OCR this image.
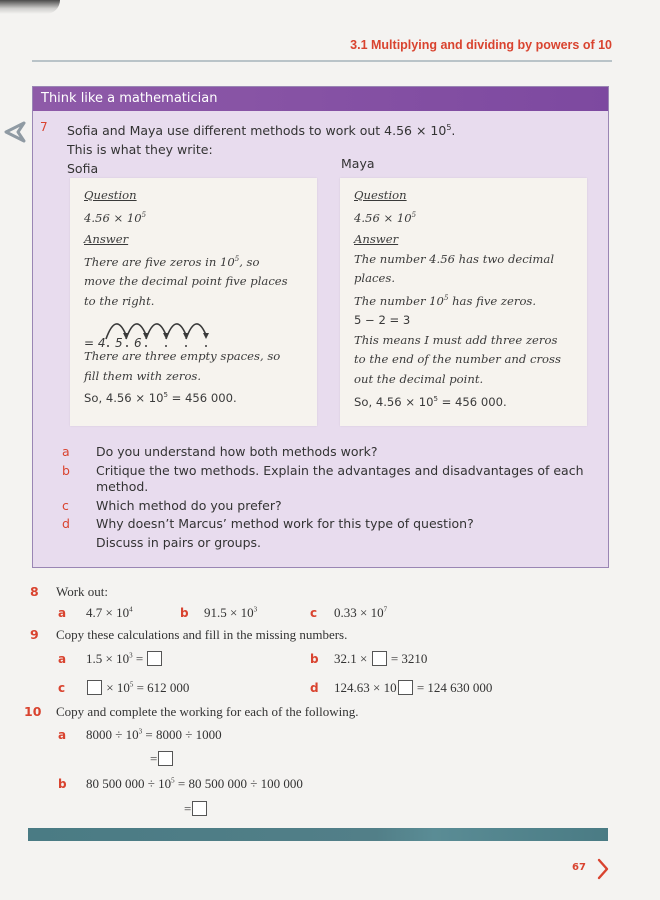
3.1 Multiplying and dividing by powers of 10
Think like a mathematician
7 Sofia and Maya use different methods to work out $4.56 \times 10^5$.
This is what they write:
Sofia	Maya
Question
$4.56 \times 10^5$
Answer
There are five zeros in $10^5$, so
move the decimal point five places
to the right.
= 4 5 6
There are three empty spaces, so
fill them with zeros.
So, $4.56 \times 10^5 = 456$ 000.
Question
$4.56 \times 10^5$
Answer
The number 4.56 has two decimal
places.
The number $10^5$ has five zeros.
5 − 2 = 3
This means I must add three zeros
to the end of the number and cross
out the decimal point.
So, $4.56 \times 10^5 = 456$ 000.
a Do you understand how both methods work?
b Critique the two methods. Explain the advantages and disadvantages of each
method.
c Which method do you prefer?
d Why doesn’t Marcus’ method work for this type of question?
Discuss in pairs or groups.
8 Work out:
a $4.7 \times 10^4$	b $91.5 \times 10^3$	c $0.33 \times 10^7$
9 Copy these calculations and fill in the missing numbers.
a $1.5 \times 10^3$ =	b 32.1 ×  = 3210
c	× $10^5 = 612$ 000	d 124.63 × 10 = 124 630 000
10 Copy and complete the working for each of the following.
a $8000 \div 10^3 = 8000 \div 1000$
=
b 80 500 $000 \div 10^5 = 80$ 500 000 ÷ 100 000
=
67
